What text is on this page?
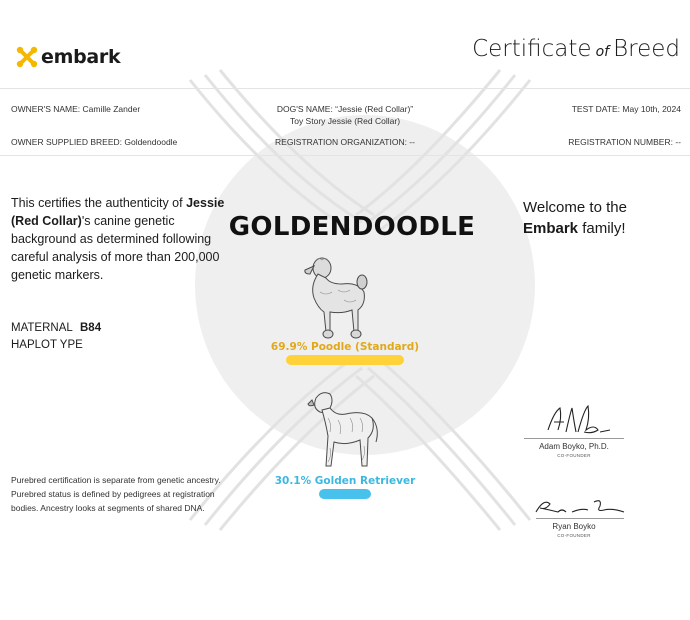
embark	Certificate of Breed
OWNER'S NAME: Camille Zander	DOG'S NAME: “Jessie (Red Collar)”
Toy Story Jessie (Red Collar)
TEST DATE: May 10th, 2024
OWNER SUPPLIED BREED: Goldendoodle	REGISTRATION ORGANIZATION: --	REGISTRATION NUMBER: --
This certifies the authenticity of Jessie (Red Collar)'s canine genetic background as determined following careful analysis of more than 200,000 genetic markers.
MATERNAL
HAPLOT YPE
B84
Purebred certification is separate from genetic ancestry. Purebred status is defined by pedigrees at registration bodies. Ancestry looks at segments of shared DNA.
GOLDENDOODLE
69.9% Poodle (Standard)
30.1% Golden Retriever
Welcome to the
Embark family!
Adam Boyko, Ph.D.
CO-FOUNDER
Ryan Boyko
CO-FOUNDER
